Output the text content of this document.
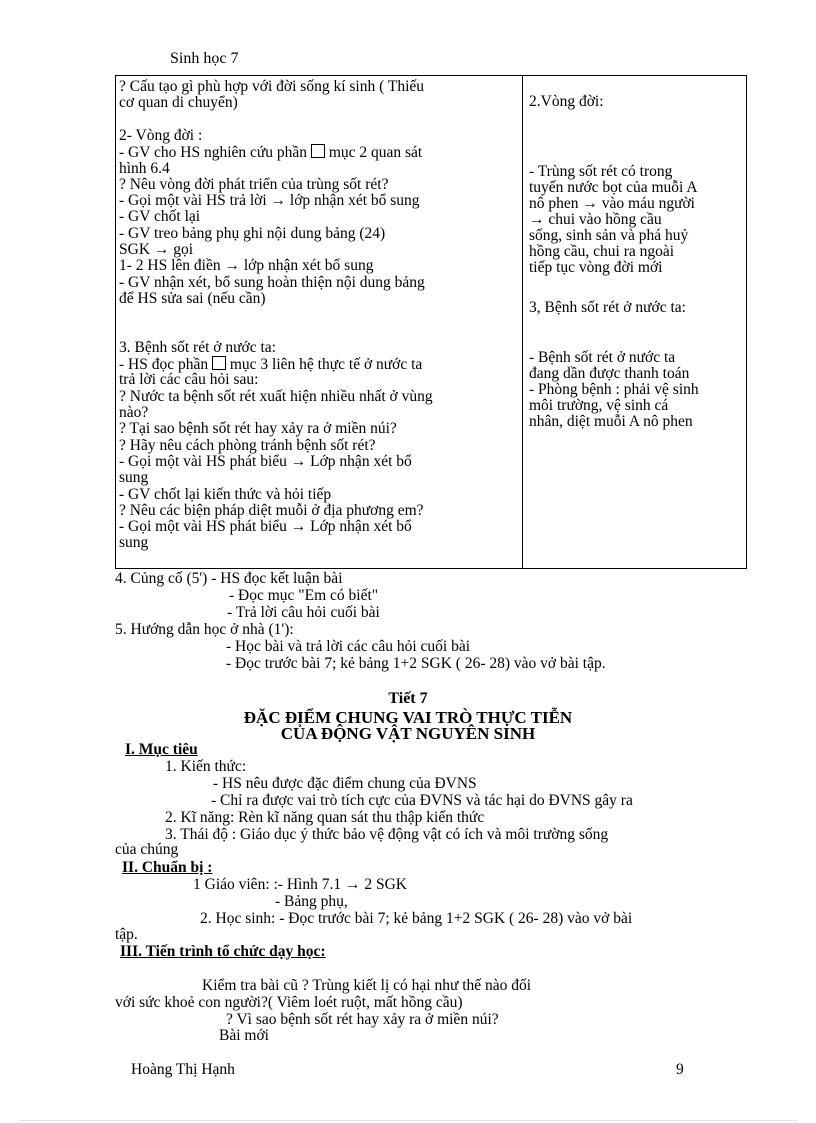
Sinh học 7
? Cấu tạo gì phù hợp với đời sống kí sinh ( Thiếu
cơ quan di chuyển)
2- Vòng đời :
- GV cho HS nghiên cứu phần  mục 2 quan sát
hình 6.4
? Nêu vòng đời phát triển của trùng sốt rét?
- Gọi một vài HS trả lời → lớp nhận xét bổ sung
- GV chốt lại
- GV treo bảng phụ ghi nội dung bảng (24)
SGK → gọi
1- 2 HS lên điền → lớp nhận xét bổ sung
- GV nhận xét, bổ sung hoàn thiện nội dung bảng
để HS sửa sai (nếu cần)
3. Bệnh sốt rét ở nước ta:
- HS đọc phần  mục 3 liên hệ thực tế ở nước ta
trả lời các câu hỏi sau:
? Nước ta bệnh sốt rét xuất hiện nhiều nhất ở vùng
nào?
? Tại sao bệnh sốt rét hay xảy ra ở miền núi?
? Hãy nêu cách phòng tránh bệnh sốt rét?
- Gọi một vài HS phát biểu → Lớp nhận xét bổ
sung
- GV chốt lại kiến thức và hỏi tiếp
? Nêu các biện pháp diệt muỗi ở địa phương em?
- Gọi một vài HS phát biểu → Lớp nhận xét bổ
sung

2.Vòng đời:
- Trùng sốt rét có trong
tuyến nước bọt của muỗi A
nô phen → vào máu người
→ chui vào hồng cầu
sống, sinh sản và phá huỷ
hồng cầu, chui ra ngoài
tiếp tục vòng đời mới
3, Bệnh sốt rét ở nước ta:
- Bệnh sốt rét ở nước ta
đang dần được thanh toán
- Phòng bệnh : phải vệ sinh
môi trường, vệ sinh cá
nhân, diệt muỗi A nô phen
4. Củng cố (5') - HS đọc kết luận bài
- Đọc mục "Em có biết"
- Trả lời câu hỏi cuối bài
5. Hướng dẫn học ở nhà (1'):
- Học bài và trả lời các câu hỏi cuối bài
- Đọc trước bài 7; kẻ bảng 1+2 SGK ( 26- 28) vào vở bài tập.
Tiết 7
ĐẶC ĐIỂM CHUNG VAI TRÒ THỰC TIỄN
CỦA ĐỘNG VẬT NGUYÊN SINH
I. Mục tiêu
1. Kiến thức:
- HS nêu được đặc điểm chung của ĐVNS
- Chỉ ra được vai trò tích cực của ĐVNS và tác hại do ĐVNS gây ra
2. Kĩ năng: Rèn kĩ năng quan sát thu thập kiến thức
3. Thái độ : Giáo dục ý thức bảo vệ động vật có ích và môi trường sống
của chúng
II. Chuẩn bị :
1 Giáo viên: :- Hình 7.1 → 2 SGK
- Bảng phụ,
2. Học sinh: - Đọc trước bài 7; kẻ bảng 1+2 SGK ( 26- 28) vào vở bài
tập.
III. Tiến trình tổ chức dạy học:
Kiểm tra bài cũ ? Trùng kiết lị có hại như thế nào đối
với sức khoẻ con người?( Viêm loét ruột, mất hồng cầu)
? Vì sao bệnh sốt rét hay xảy ra ở miền núi?
Bài mới
Hoàng Thị Hạnh	9
